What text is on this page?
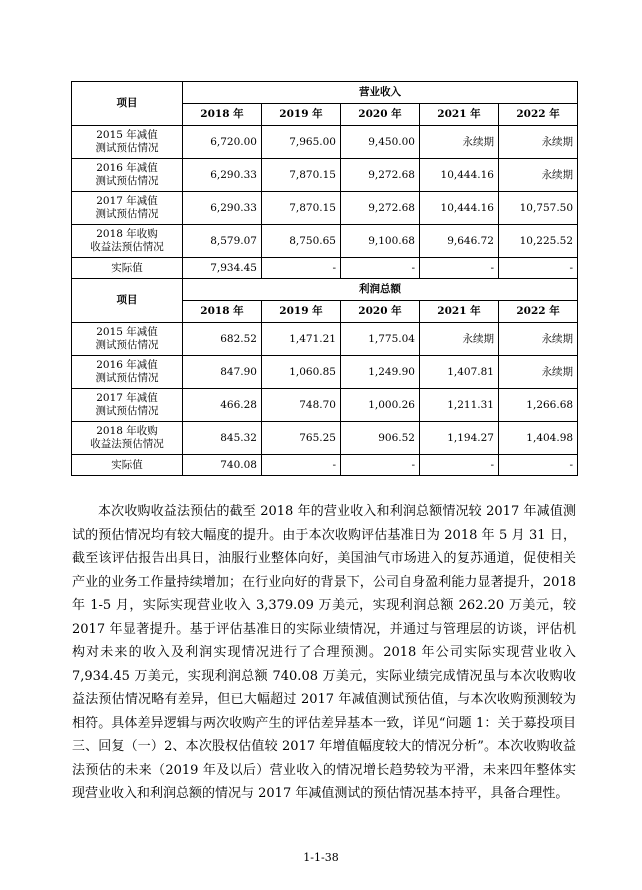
项目	营业收入				
	2018 年	2019 年	2020 年	2021 年	2022 年
2015 年减值
测试预估情况	6,720.00	7,965.00	9,450.00	永续期	永续期
2016 年减值
测试预估情况	6,290.33	7,870.15	9,272.68	10,444.16	永续期
2017 年减值
测试预估情况	6,290.33	7,870.15	9,272.68	10,444.16	10,757.50
2018 年收购
收益法预估情况	8,579.07	8,750.65	9,100.68	9,646.72	10,225.52
实际值	7,934.45	-	-	-	-
项目	利润总额				
	2018 年	2019 年	2020 年	2021 年	2022 年
2015 年减值
测试预估情况	682.52	1,471.21	1,775.04	永续期	永续期
2016 年减值
测试预估情况	847.90	1,060.85	1,249.90	1,407.81	永续期
2017 年减值
测试预估情况	466.28	748.70	1,000.26	1,211.31	1,266.68
2018 年收购
收益法预估情况	845.32	765.25	906.52	1,194.27	1,404.98
实际值	740.08	-	-	-	-

本次收购收益法预估的截至 2018 年的营业收入和利润总额情况较 2017 年减值测试的预估情况均有较大幅度的提升。由于本次收购评估基准日为 2018 年 5 月 31 日，截至该评估报告出具日，油服行业整体向好，美国油气市场进入的复苏通道，促使相关产业的业务工作量持续增加；在行业向好的背景下，公司自身盈利能力显著提升，2018 年 1-5 月，实际实现营业收入 3,379.09 万美元，实现利润总额 262.20 万美元，较 2017 年显著提升。基于评估基准日的实际业绩情况，并通过与管理层的访谈，评估机构对未来的收入及利润实现情况进行了合理预测。2018 年公司实际实现营业收入 7,934.45 万美元，实现利润总额 740.08 万美元，实际业绩完成情况虽与本次收购收益法预估情况略有差异，但已大幅超过 2017 年减值测试预估值，与本次收购预测较为相符。具体差异逻辑与两次收购产生的评估差异基本一致，详见“问题 1：关于募投项目三、回复（一）2、本次股权估值较 2017 年增值幅度较大的情况分析”。本次收购收益法预估的未来（2019 年及以后）营业收入的情况增长趋势较为平滑，未来四年整体实现营业收入和利润总额的情况与 2017 年减值测试的预估情况基本持平，具备合理性。

1-1-38
